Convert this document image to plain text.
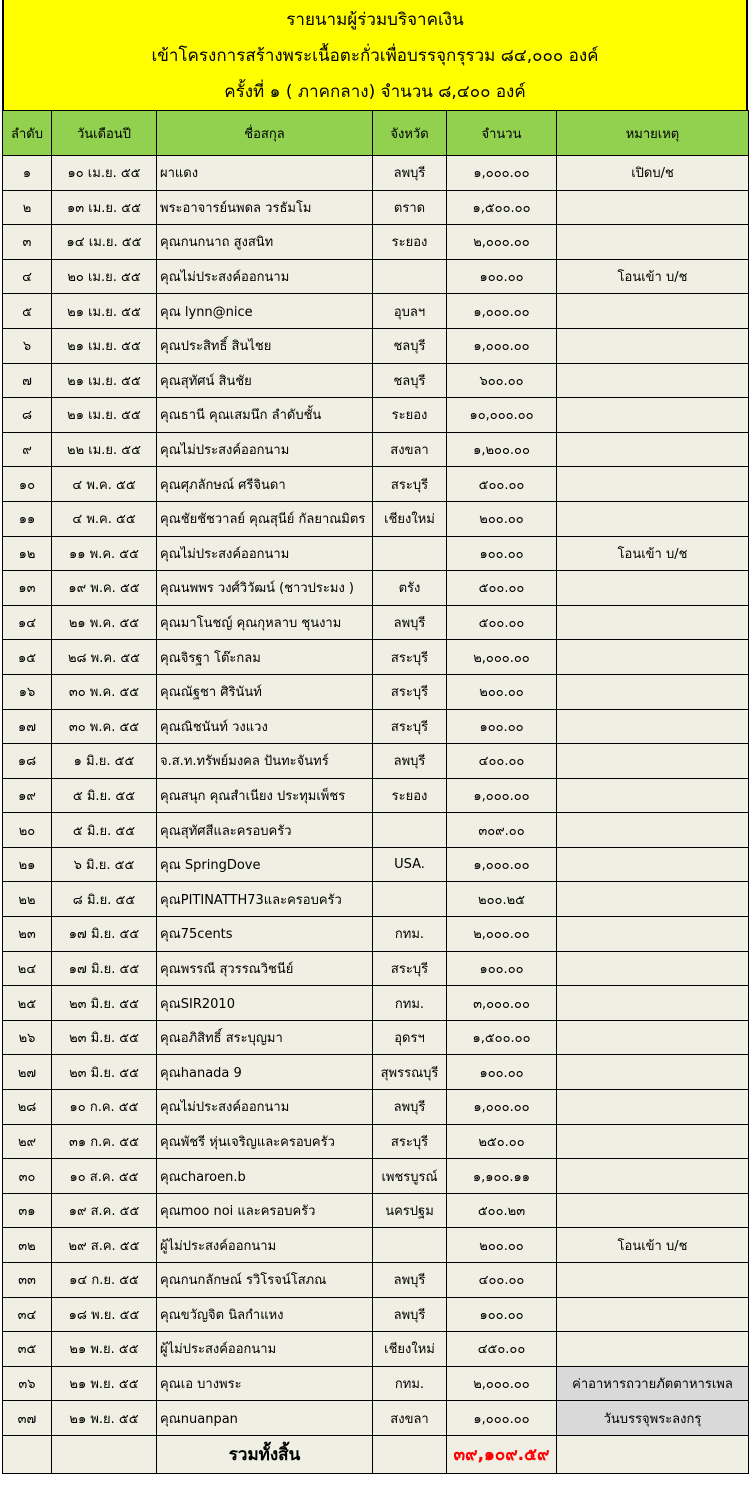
รายนามผู้ร่วมบริจาคเงิน
เข้าโครงการสร้างพระเนื้อตะกั่วเพื่อบรรจุกรุรวม ๘๔,๐๐๐ องค์
ครั้งที่ ๑ ( ภาคกลาง) จำนวน ๘,๔๐๐ องค์
ลำดับ	วันเดือนปี	ชื่อสกุล	จังหวัด	จำนวน	หมายเหตุ
๑	๑๐ เม.ย. ๕๕	ผาแดง	ลพบุรี	๑,๐๐๐.๐๐	เปิดบ/ช
๒	๑๓ เม.ย. ๕๕	พระอาจารย์นพดล วรธัมโม	ตราด	๑,๕๐๐.๐๐	
๓	๑๔ เม.ย. ๕๕	คุณกนกนาถ สูงสนิท	ระยอง	๒,๐๐๐.๐๐	
๔	๒๐ เม.ย. ๕๕	คุณไม่ประสงค์ออกนาม		๑๐๐.๐๐	โอนเข้า บ/ช
๕	๒๑ เม.ย. ๕๕	คุณ lynn@nice	อุบลฯ	๑,๐๐๐.๐๐	
๖	๒๑ เม.ย. ๕๕	คุณประสิทธิ์ สินไชย	ชลบุรี	๑,๐๐๐.๐๐	
๗	๒๑ เม.ย. ๕๕	คุณสุทัศน์ สินชัย	ชลบุรี	๖๐๐.๐๐	
๘	๒๑ เม.ย. ๕๕	คุณธานี คุณเสมนึก ลำดับชั้น	ระยอง	๑๐,๐๐๐.๐๐	
๙	๒๒ เม.ย. ๕๕	คุณไม่ประสงค์ออกนาม	สงขลา	๑,๒๐๐.๐๐	
๑๐	๔ พ.ค. ๕๕	คุณศุภลักษณ์ ศรีจินดา	สระบุรี	๕๐๐.๐๐	
๑๑	๔ พ.ค. ๕๕	คุณชัยชัชวาลย์ คุณสุนีย์ กัลยาณมิตร	เชียงใหม่	๒๐๐.๐๐	
๑๒	๑๑ พ.ค. ๕๕	คุณไม่ประสงค์ออกนาม		๑๐๐.๐๐	โอนเข้า บ/ช
๑๓	๑๙ พ.ค. ๕๕	คุณนพพร วงศ์วิวัฒน์ (ชาวประมง )	ตรัง	๕๐๐.๐๐	
๑๔	๒๑ พ.ค. ๕๕	คุณมาโนชญ์ คุณกุหลาบ ชุนงาม	ลพบุรี	๕๐๐.๐๐	
๑๕	๒๘ พ.ค. ๕๕	คุณจิรฐา โต๊ะกลม	สระบุรี	๒,๐๐๐.๐๐	
๑๖	๓๐ พ.ค. ๕๕	คุณณัฐชา ศิรินันท์	สระบุรี	๒๐๐.๐๐	
๑๗	๓๐ พ.ค. ๕๕	คุณณิชนันท์ วงแวง	สระบุรี	๑๐๐.๐๐	
๑๘	๑ มิ.ย. ๕๕	จ.ส.ท.ทรัพย์มงคล ปันทะจันทร์	ลพบุรี	๔๐๐.๐๐	
๑๙	๕ มิ.ย. ๕๕	คุณสนุก คุณสำเนียง ประทุมเพ็ชร	ระยอง	๑,๐๐๐.๐๐	
๒๐	๕ มิ.ย. ๕๕	คุณสุทัศสีและครอบครัว		๓๐๙.๐๐	
๒๑	๖ มิ.ย. ๕๕	คุณ SpringDove	USA.	๑,๐๐๐.๐๐	
๒๒	๘ มิ.ย. ๕๕	คุณPITINATTH73และครอบครัว		๒๐๐.๒๕	
๒๓	๑๗ มิ.ย. ๕๕	คุณ75cents	กทม.	๒,๐๐๐.๐๐	
๒๔	๑๗ มิ.ย. ๕๕	คุณพรรณี สุวรรณวิชนีย์	สระบุรี	๑๐๐.๐๐	
๒๕	๒๓ มิ.ย. ๕๕	คุณSIR2010	กทม.	๓,๐๐๐.๐๐	
๒๖	๒๓ มิ.ย. ๕๕	คุณอภิสิทธิ์ สระบุญมา	อุดรฯ	๑,๕๐๐.๐๐	
๒๗	๒๓ มิ.ย. ๕๕	คุณhanada 9	สุพรรณบุรี	๑๐๐.๐๐	
๒๘	๑๐ ก.ค. ๕๕	คุณไม่ประสงค์ออกนาม	ลพบุรี	๑,๐๐๐.๐๐	
๒๙	๓๑ ก.ค. ๕๕	คุณพัชรี หุ่นเจริญและครอบครัว	สระบุรี	๒๕๐.๐๐	
๓๐	๑๐ ส.ค. ๕๕	คุณcharoen.b	เพชรบูรณ์	๑,๑๐๐.๑๑	
๓๑	๑๙ ส.ค. ๕๕	คุณmoo noi และครอบครัว	นครปฐม	๕๐๐.๒๓	
๓๒	๒๙ ส.ค. ๕๕	ผู้ไม่ประสงค์ออกนาม		๒๐๐.๐๐	โอนเข้า บ/ช
๓๓	๑๔ ก.ย. ๕๕	คุณกนกลักษณ์ รวิโรจน์โสภณ	ลพบุรี	๔๐๐.๐๐	
๓๔	๑๘ พ.ย. ๕๕	คุณขวัญจิต นิลกำแหง	ลพบุรี	๑๐๐.๐๐	
๓๕	๒๑ พ.ย. ๕๕	ผู้ไม่ประสงค์ออกนาม	เชียงใหม่	๔๕๐.๐๐	
๓๖	๒๑ พ.ย. ๕๕	คุณเอ บางพระ	กทม.	๒,๐๐๐.๐๐	ค่าอาหารถวายภัตตาหารเพล
๓๗	๒๑ พ.ย. ๕๕	คุณnuanpan	สงขลา	๑,๐๐๐.๐๐	วันบรรจุพระลงกรุ
		รวมทั้งสิ้น		๓๙,๑๐๙.๕๙	
